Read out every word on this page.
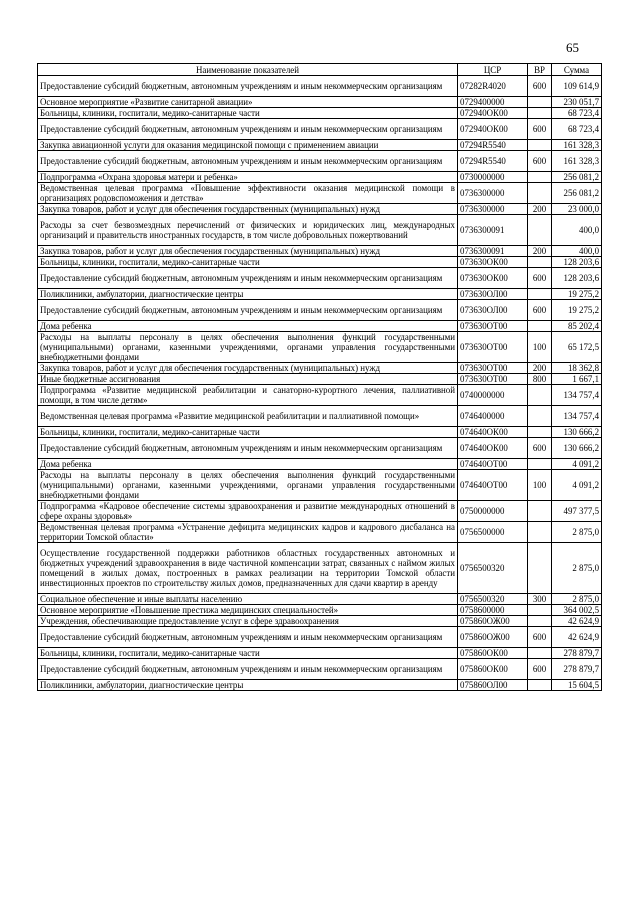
65
Наименование показателей	ЦСР	ВР	Сумма
Предоставление субсидий бюджетным, автономным учреждениям и иным некоммерческим организациям	07282R4020	600	109 614,9
Основное мероприятие «Развитие санитарной авиации»	0729400000		230 051,7
Больницы, клиники, госпитали, медико-санитарные части	072940ОК00		68 723,4
Предоставление субсидий бюджетным, автономным учреждениям и иным некоммерческим организациям	072940ОК00	600	68 723,4
Закупка авиационной услуги для оказания медицинской помощи с применением авиации	07294R5540		161 328,3
Предоставление субсидий бюджетным, автономным учреждениям и иным некоммерческим организациям	07294R5540	600	161 328,3
Подпрограмма «Охрана здоровья матери и ребенка»	0730000000		256 081,2
Ведомственная целевая программа «Повышение эффективности оказания медицинской помощи в организациях родовспоможения и детства»	0736300000		256 081,2
Закупка товаров, работ и услуг для обеспечения государственных (муниципальных) нужд	0736300000	200	23 000,0
Расходы за счет безвозмездных перечислений от физических и юридических лиц, международных организаций и правительств иностранных государств, в том числе добровольных пожертвований	0736300091		400,0
Закупка товаров, работ и услуг для обеспечения государственных (муниципальных) нужд	0736300091	200	400,0
Больницы, клиники, госпитали, медико-санитарные части	073630ОК00		128 203,6
Предоставление субсидий бюджетным, автономным учреждениям и иным некоммерческим организациям	073630ОК00	600	128 203,6
Поликлиники, амбулатории, диагностические центры	073630ОЛ00		19 275,2
Предоставление субсидий бюджетным, автономным учреждениям и иным некоммерческим организациям	073630ОЛ00	600	19 275,2
Дома ребенка	073630ОТ00		85 202,4
Расходы на выплаты персоналу в целях обеспечения выполнения функций государственными (муниципальными) органами, казенными учреждениями, органами управления государственными внебюджетными фондами	073630ОТ00	100	65 172,5
Закупка товаров, работ и услуг для обеспечения государственных (муниципальных) нужд	073630ОТ00	200	18 362,8
Иные бюджетные ассигнования	073630ОТ00	800	1 667,1
Подпрограмма «Развитие медицинской реабилитации и санаторно-курортного лечения, паллиативной помощи, в том числе детям»	0740000000		134 757,4
Ведомственная целевая программа «Развитие медицинской реабилитации и паллиативной помощи»	0746400000		134 757,4
Больницы, клиники, госпитали, медико-санитарные части	074640ОК00		130 666,2
Предоставление субсидий бюджетным, автономным учреждениям и иным некоммерческим организациям	074640ОК00	600	130 666,2
Дома ребенка	074640ОТ00		4 091,2
Расходы на выплаты персоналу в целях обеспечения выполнения функций государственными (муниципальными) органами, казенными учреждениями, органами управления государственными внебюджетными фондами	074640ОТ00	100	4 091,2
Подпрограмма «Кадровое обеспечение системы здравоохранения и развитие международных отношений в сфере охраны здоровья»	0750000000		497 377,5
Ведомственная целевая программа «Устранение дефицита медицинских кадров и кадрового дисбаланса на территории Томской области»	0756500000		2 875,0
Осуществление государственной поддержки работников областных государственных автономных и бюджетных учреждений здравоохранения в виде частичной компенсации затрат, связанных с наймом жилых помещений в жилых домах, построенных в рамках реализации на территории Томской области инвестиционных проектов по строительству жилых домов, предназначенных для сдачи квартир в аренду	0756500320		2 875,0
Социальное обеспечение и иные выплаты населению	0756500320	300	2 875,0
Основное мероприятие «Повышение престижа медицинских специальностей»	0758600000		364 002,5
Учреждения, обеспечивающие предоставление услуг в сфере здравоохранения	075860ОЖ00		42 624,9
Предоставление субсидий бюджетным, автономным учреждениям и иным некоммерческим организациям	075860ОЖ00	600	42 624,9
Больницы, клиники, госпитали, медико-санитарные части	075860ОК00		278 879,7
Предоставление субсидий бюджетным, автономным учреждениям и иным некоммерческим организациям	075860ОК00	600	278 879,7
Поликлиники, амбулатории, диагностические центры	075860ОЛ00		15 604,5
